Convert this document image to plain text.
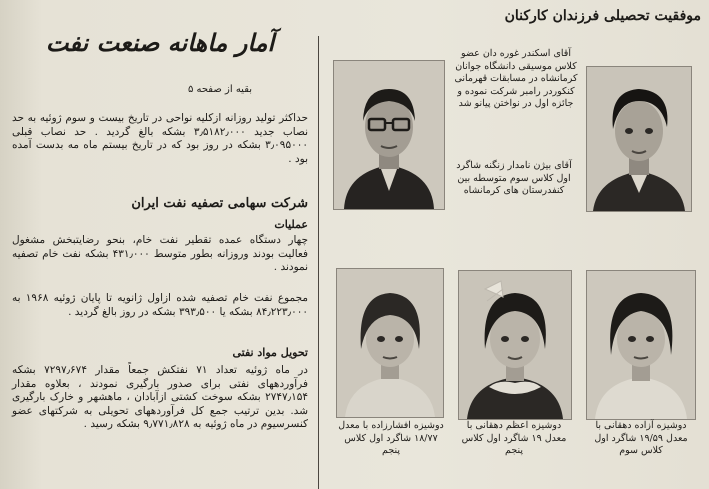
آمار ماهانه صنعت نفت
بقيه از صفحه ۵
حداکثر تولید روزانه ازکلیه نواحی در تاریخ بیست و سوم ژوئیه به حد نصاب جدید ۳٫۵۱۸۲٫۰۰۰ بشکه بالغ گردید . حد نصاب قبلی ۳٫۰۹۵۰۰۰ بشکه در روز بود که در تاریخ بیستم ماه مه بدست آمده بود .
شرکت سهامی تصفیه نفت ایران
عملیات
چهار دستگاه عمده تقطیر نفت خام، بنحو رضایتبخش مشغول فعالیت بودند وروزانه بطور متوسط ۴۳۱٫۰۰۰ بشکه نفت خام تصفیه نمودند .
مجموع نفت خام تصفیه شده ازاول ژانویه تا پایان ژوئیه ۱۹۶۸ به ۸۴٫۲۲۳٫۰۰۰ بشکه یا ۳۹۳٫۵۰۰ بشکه در روز بالغ گردید .
تحویل مواد نفتی
در ماه ژوئیه تعداد ۷۱ نفتکش جمعاً مقدار ۷۲۹۷٫۶۷۴ بشکه فرآوردههای نفتی برای صدور بارگیری نمودند ، بعلاوه مقدار ۲۷۴۷٫۱۵۴ بشکه سوخت کشتی ازآبادان ، ماهشهر و خارک بارگیری شد. بدین ترتیب جمع کل فرآوردههای تحویلی به شرکتهای عضو کنسرسیوم در ماه ژوئیه به ۹٫۷۷۱٫۸۲۸ بشکه رسید .
موفقیت تحصیلی فرزندان کارکنان
آقای اسکندر غوره دان عضو کلاس موسیقی دانشگاه جوانان کرمانشاه در مسابقات قهرمانی کنکوردر رامبر شرکت نموده و جائزه اول در نواختن پیانو شد
آقای بیژن نامدار زنگنه شاگرد اول کلاس سوم متوسطه بین کنفدرستان های کرمانشاه
دوشیزه افشارزاده با معدل ۱۸/۷۷ شاگرد اول کلاس پنجم
دوشیزه اعظم دهقانی با معدل ۱۹ شاگرد اول کلاس پنجم
دوشیزه آزاده دهقانی با معدل ۱۹/۵۹ شاگرد اول کلاس سوم
